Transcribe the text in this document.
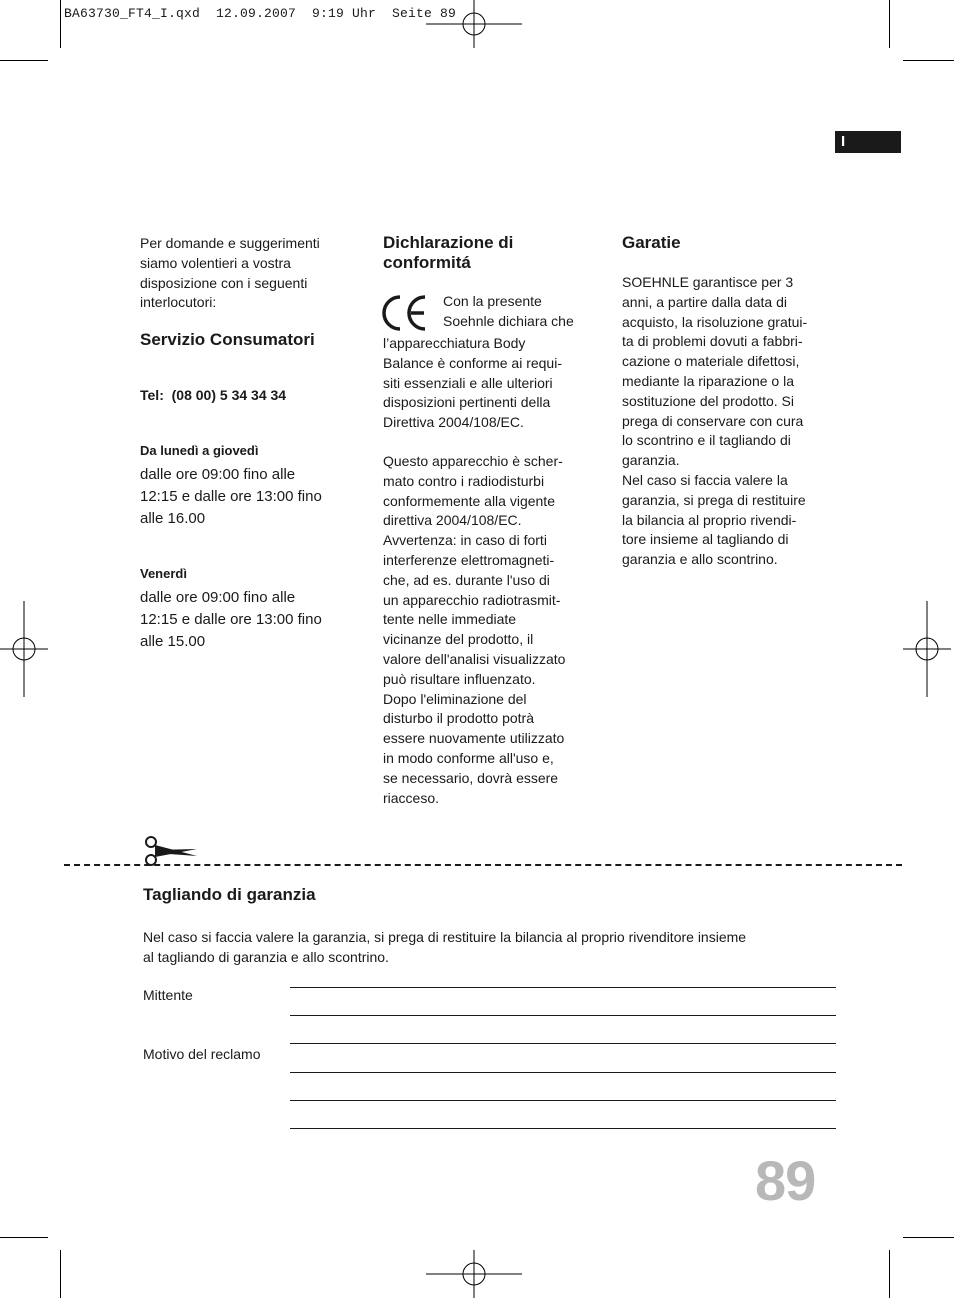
BA63730_FT4_I.qxd  12.09.2007  9:19 Uhr  Seite 89
I

Per domande e suggerimenti
siamo volentieri a vostra
disposizione con i seguenti
interlocutori:

Servizio Consumatori

Tel: (08 00) 5 34 34 34

Da lunedì a giovedì

dalle ore 09:00 fino alle
12:15 e dalle ore 13:00 fino
alle 16.00

Venerdì

dalle ore 09:00 fino alle
12:15 e dalle ore 13:00 fino
alle 15.00

Dichlarazione di
conformitá

Con la presente
Soehnle dichiara che

l’apparecchiatura Body
Balance è conforme ai requi-
siti essenziali e alle ulteriori
disposizioni pertinenti della
Direttiva 2004/108/EC.

Questo apparecchio è scher-
mato contro i radiodisturbi
conformemente alla vigente
direttiva 2004/108/EC.
Avvertenza: in caso di forti
interferenze elettromagneti-
che, ad es. durante l'uso di
un apparecchio radiotrasmit-
tente nelle immediate
vicinanze del prodotto, il
valore dell'analisi visualizzato
può risultare influenzato.
Dopo l'eliminazione del
disturbo il prodotto potrà
essere nuovamente utilizzato
in modo conforme all'uso e,
se necessario, dovrà essere
riacceso.

Garatie

SOEHNLE garantisce per 3
anni, a partire dalla data di
acquisto, la risoluzione gratui-
ta di problemi dovuti a fabbri-
cazione o materiale difettosi,
mediante la riparazione o la
sostituzione del prodotto. Si
prega di conservare con cura
lo scontrino e il tagliando di
garanzia.
Nel caso si faccia valere la
garanzia, si prega di restituire
la bilancia al proprio rivendi-
tore insieme al tagliando di
garanzia e allo scontrino.

Tagliando di garanzia

Nel caso si faccia valere la garanzia, si prega di restituire la bilancia al proprio rivenditore insieme
al tagliando di garanzia e allo scontrino.

Mittente
Motivo del reclamo
89
